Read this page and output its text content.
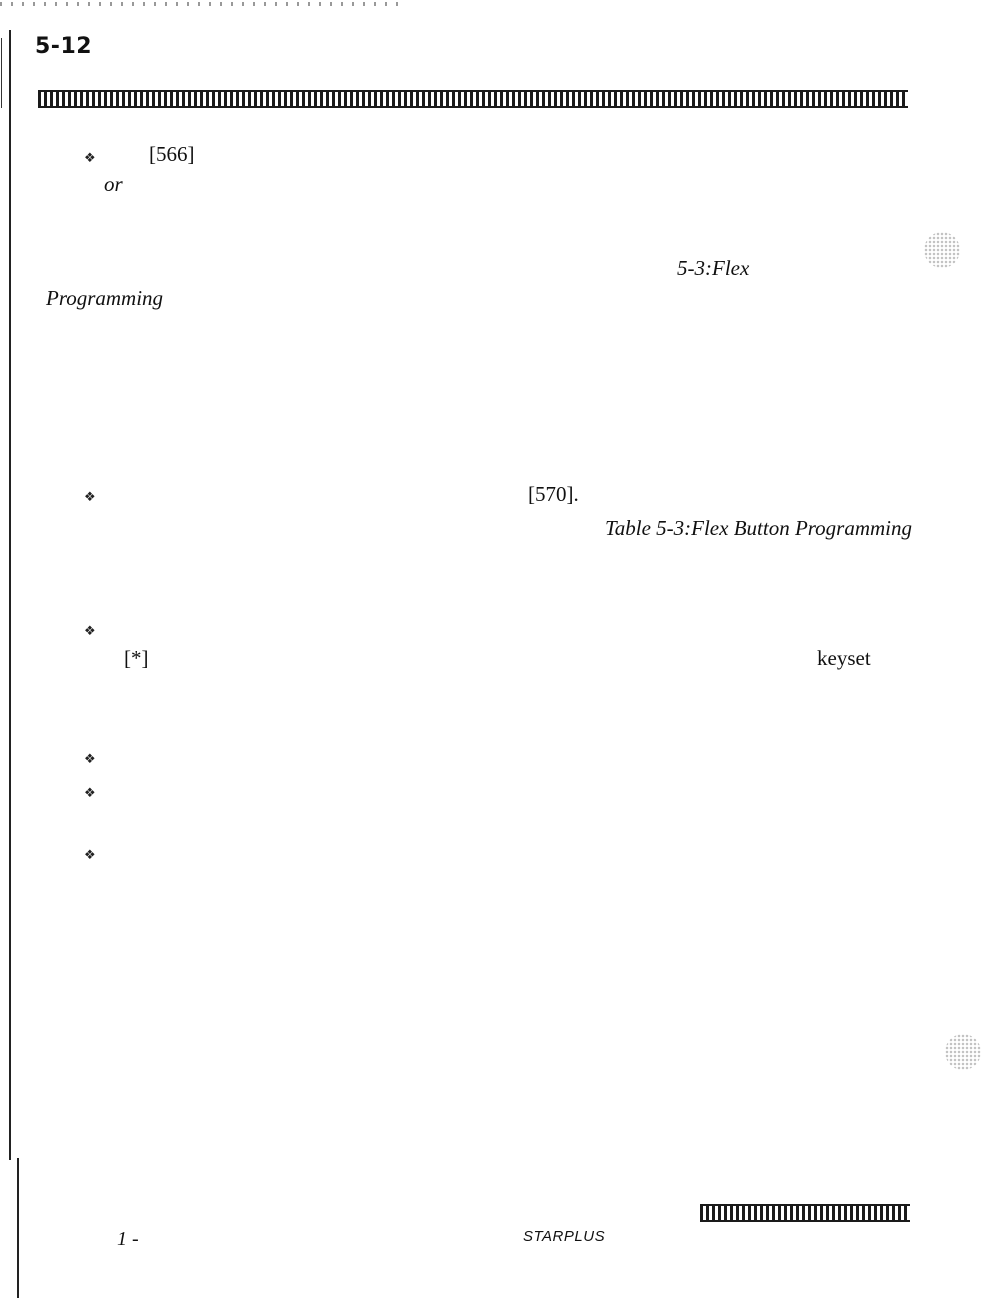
5-12
❖	[566]
or
5-3:Flex
Programming
❖	[570].
Table 5-3:Flex Button Programming
❖
[*]	keyset
❖
❖
❖
1 -	STARPLUS
